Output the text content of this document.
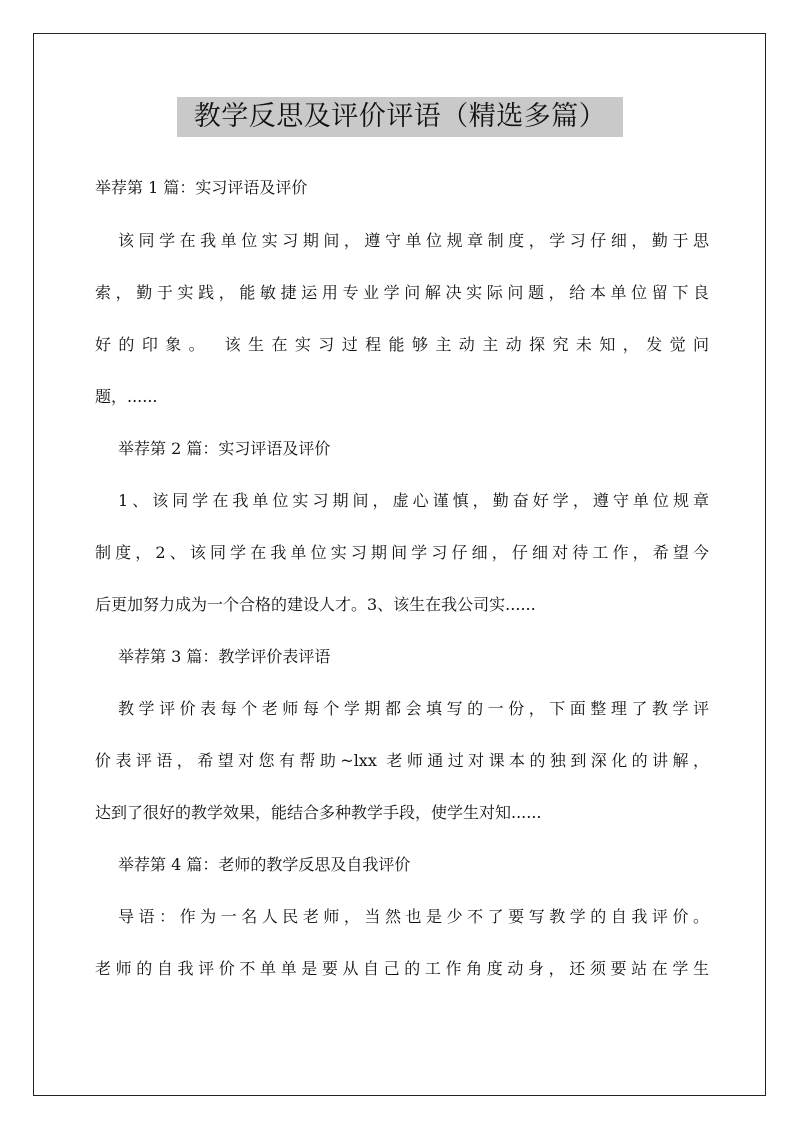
教学反思及评价评语（精选多篇）
举荐第 1 篇：实习评语及评价
该同学在我单位实习期间，遵守单位规章制度，学习仔细，勤于思
索，勤于实践，能敏捷运用专业学问解决实际问题，给本单位留下良
好的印象。 该生在实习过程能够主动主动探究未知，发觉问
题，......
举荐第 2 篇：实习评语及评价
1、该同学在我单位实习期间，虚心谨慎，勤奋好学，遵守单位规章
制度，2、该同学在我单位实习期间学习仔细，仔细对待工作，希望今
后更加努力成为一个合格的建设人才。3、该生在我公司实......
举荐第 3 篇：教学评价表评语
教学评价表每个老师每个学期都会填写的一份，下面整理了教学评
价表评语，希望对您有帮助~lxx 老师通过对课本的独到深化的讲解，
达到了很好的教学效果，能结合多种教学手段，使学生对知......
举荐第 4 篇：老师的教学反思及自我评价
导语：作为一名人民老师，当然也是少不了要写教学的自我评价。
老师的自我评价不单单是要从自己的工作角度动身，还须要站在学生
